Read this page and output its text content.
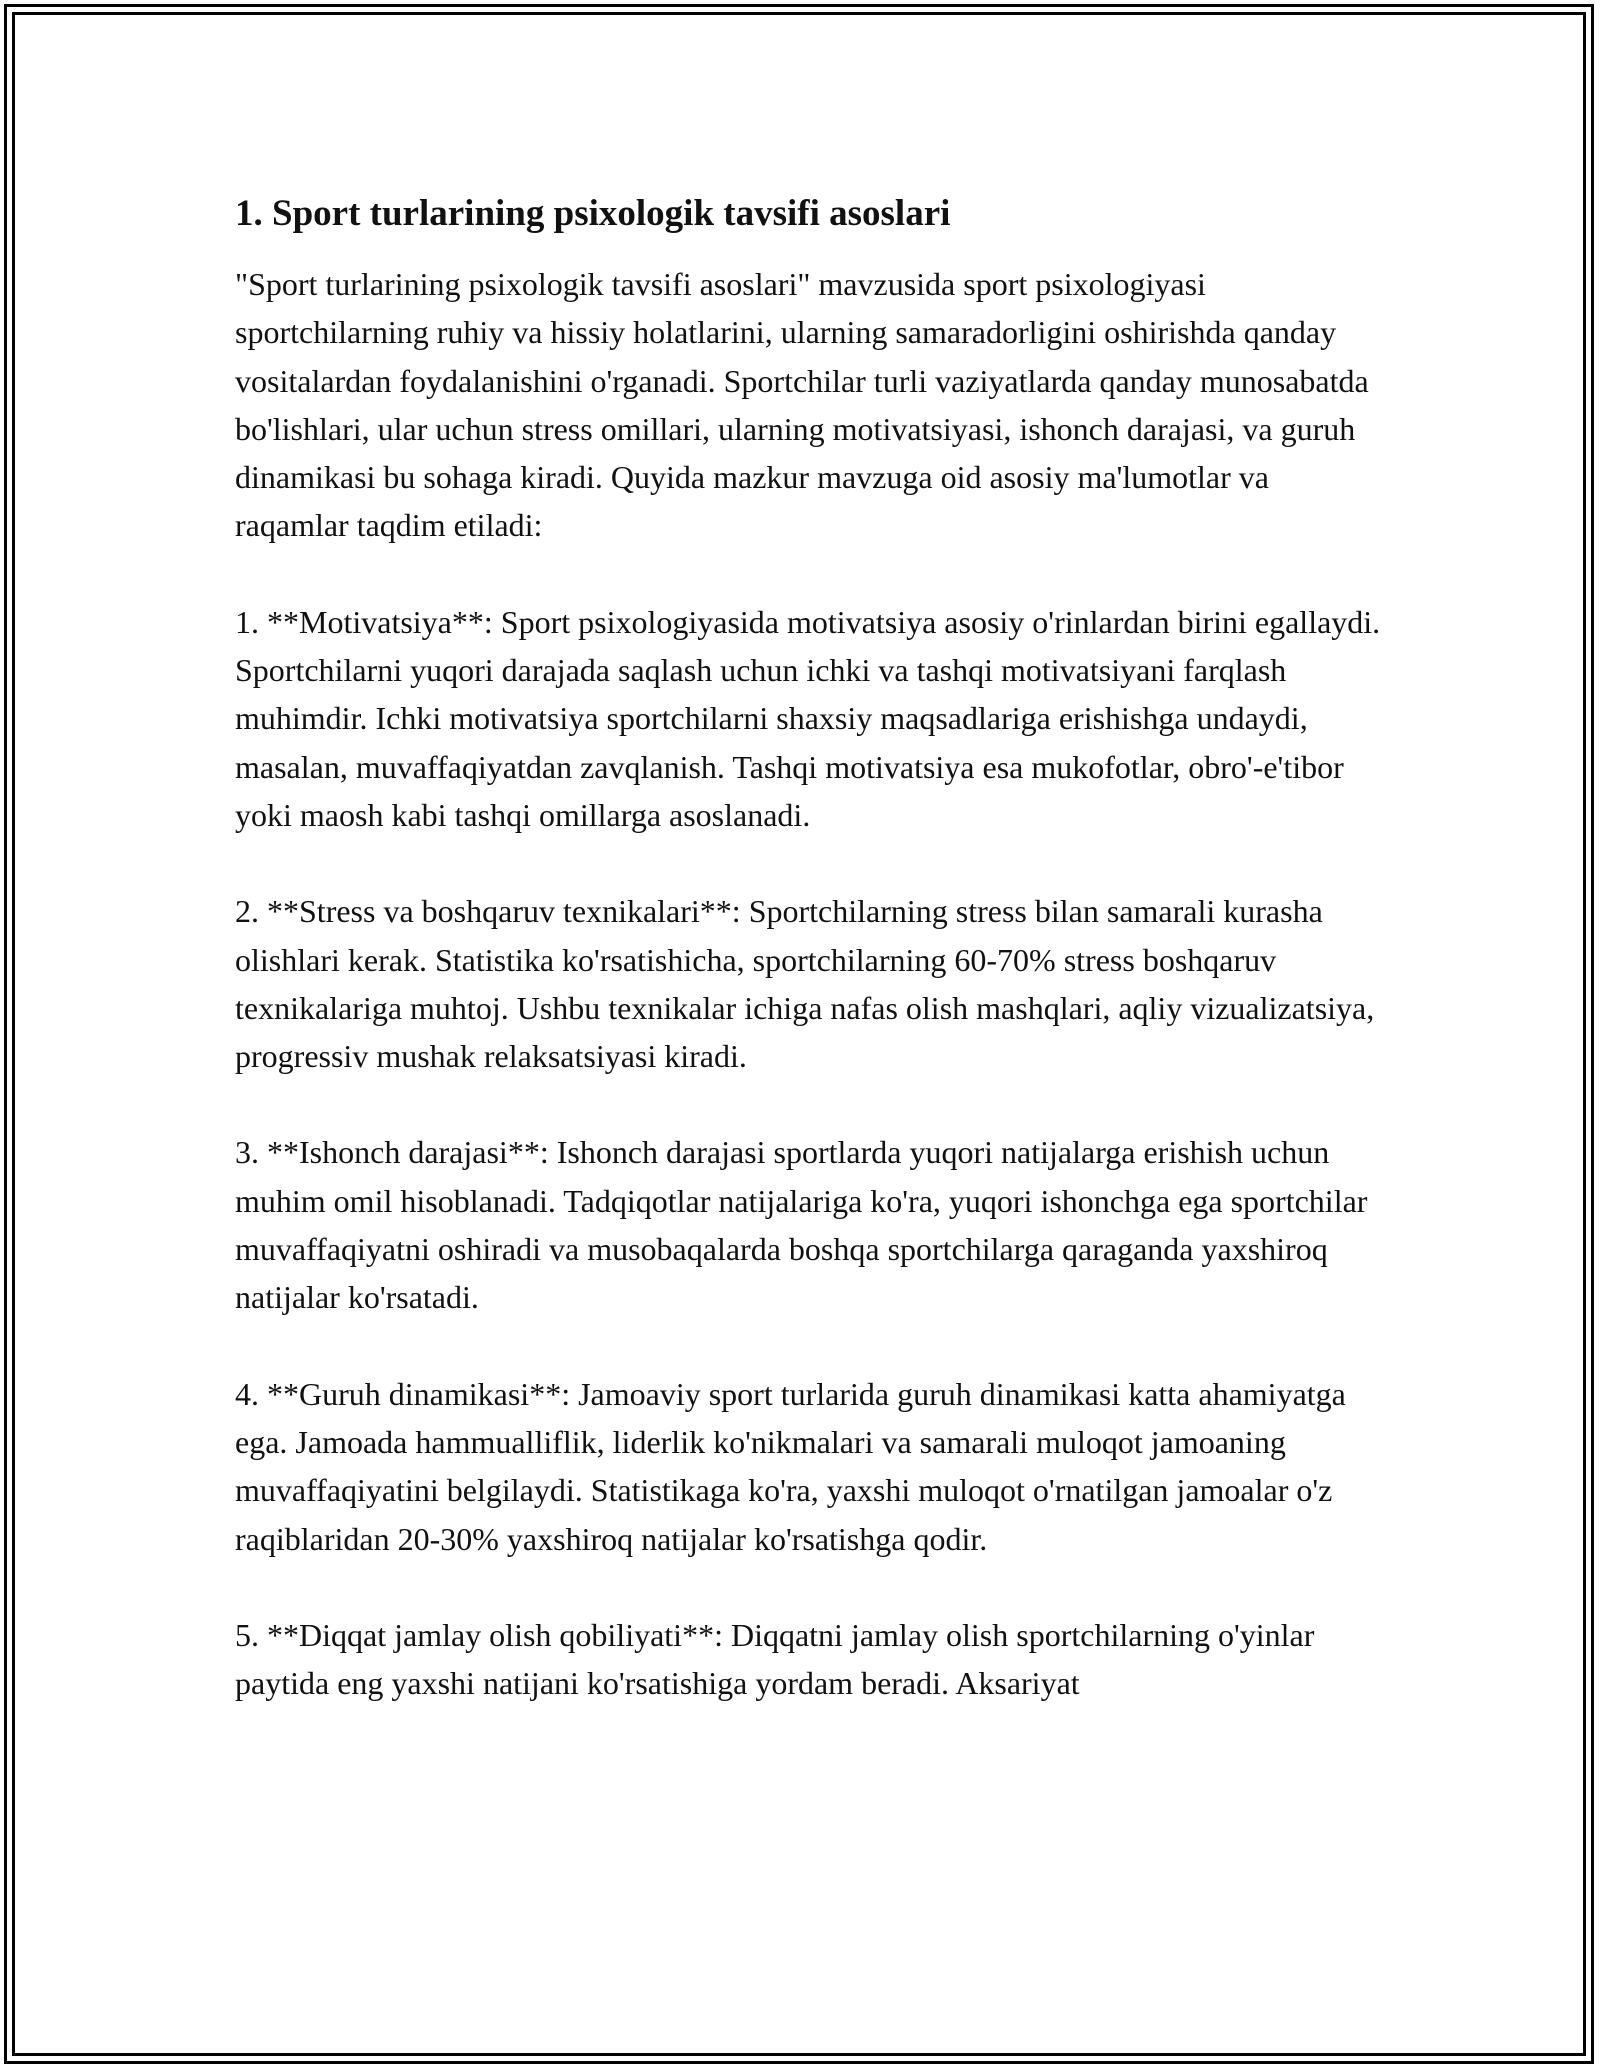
1. Sport turlarining psixologik tavsifi asoslari

"Sport turlarining psixologik tavsifi asoslari" mavzusida sport psixologiyasi sportchilarning ruhiy va hissiy holatlarini, ularning samaradorligini oshirishda qanday vositalardan foydalanishini o'rganadi. Sportchilar turli vaziyatlarda qanday munosabatda bo'lishlari, ular uchun stress omillari, ularning motivatsiyasi, ishonch darajasi, va guruh dinamikasi bu sohaga kiradi. Quyida mazkur mavzuga oid asosiy ma'lumotlar va raqamlar taqdim etiladi:

1. **Motivatsiya**: Sport psixologiyasida motivatsiya asosiy o'rinlardan birini egallaydi. Sportchilarni yuqori darajada saqlash uchun ichki va tashqi motivatsiyani farqlash muhimdir. Ichki motivatsiya sportchilarni shaxsiy maqsadlariga erishishga undaydi, masalan, muvaffaqiyatdan zavqlanish. Tashqi motivatsiya esa mukofotlar, obro'-e'tibor yoki maosh kabi tashqi omillarga asoslanadi.

2. **Stress va boshqaruv texnikalari**: Sportchilarning stress bilan samarali kurasha olishlari kerak. Statistika ko'rsatishicha, sportchilarning 60-70% stress boshqaruv texnikalariga muhtoj. Ushbu texnikalar ichiga nafas olish mashqlari, aqliy vizualizatsiya, progressiv mushak relaksatsiyasi kiradi.

3. **Ishonch darajasi**: Ishonch darajasi sportlarda yuqori natijalarga erishish uchun muhim omil hisoblanadi. Tadqiqotlar natijalariga ko'ra, yuqori ishonchga ega sportchilar muvaffaqiyatni oshiradi va musobaqalarda boshqa sportchilarga qaraganda yaxshiroq natijalar ko'rsatadi.

4. **Guruh dinamikasi**: Jamoaviy sport turlarida guruh dinamikasi katta ahamiyatga ega. Jamoada hammualliflik, liderlik ko'nikmalari va samarali muloqot jamoaning muvaffaqiyatini belgilaydi. Statistikaga ko'ra, yaxshi muloqot o'rnatilgan jamoalar o'z raqiblaridan 20-30% yaxshiroq natijalar ko'rsatishga qodir.

5. **Diqqat jamlay olish qobiliyati**: Diqqatni jamlay olish sportchilarning o'yinlar paytida eng yaxshi natijani ko'rsatishiga yordam beradi. Aksariyat
